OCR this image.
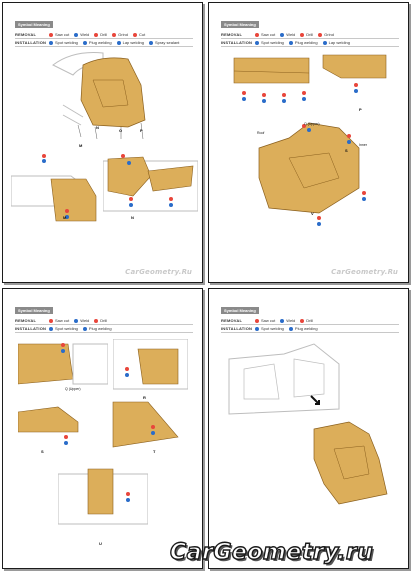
Symbol Meaning
REMOVAL	Saw cut	Weld	Drill	Grind	Cut
INSTALLATION	Spot welding	Plug welding	Lap welding	Spray sealant
M
N
O	P
M	N
CarGeometry.Ru
Symbol Meaning
REMOVAL	Saw cut	Weld	Drill	Grind
INSTALLATION	Spot welding	Plug welding	Lap welding
P
O (Upper)
Roof
Inner
S
V
CarGeometry.Ru
Symbol Meaning
REMOVAL	Saw cut	Weld	Drill
INSTALLATION	Spot welding	Plug welding
Q (Upper)
R
S	T
U
Symbol Meaning
REMOVAL	Saw cut	Weld	Drill
INSTALLATION	Spot welding	Plug welding
CarGeometry.ru
